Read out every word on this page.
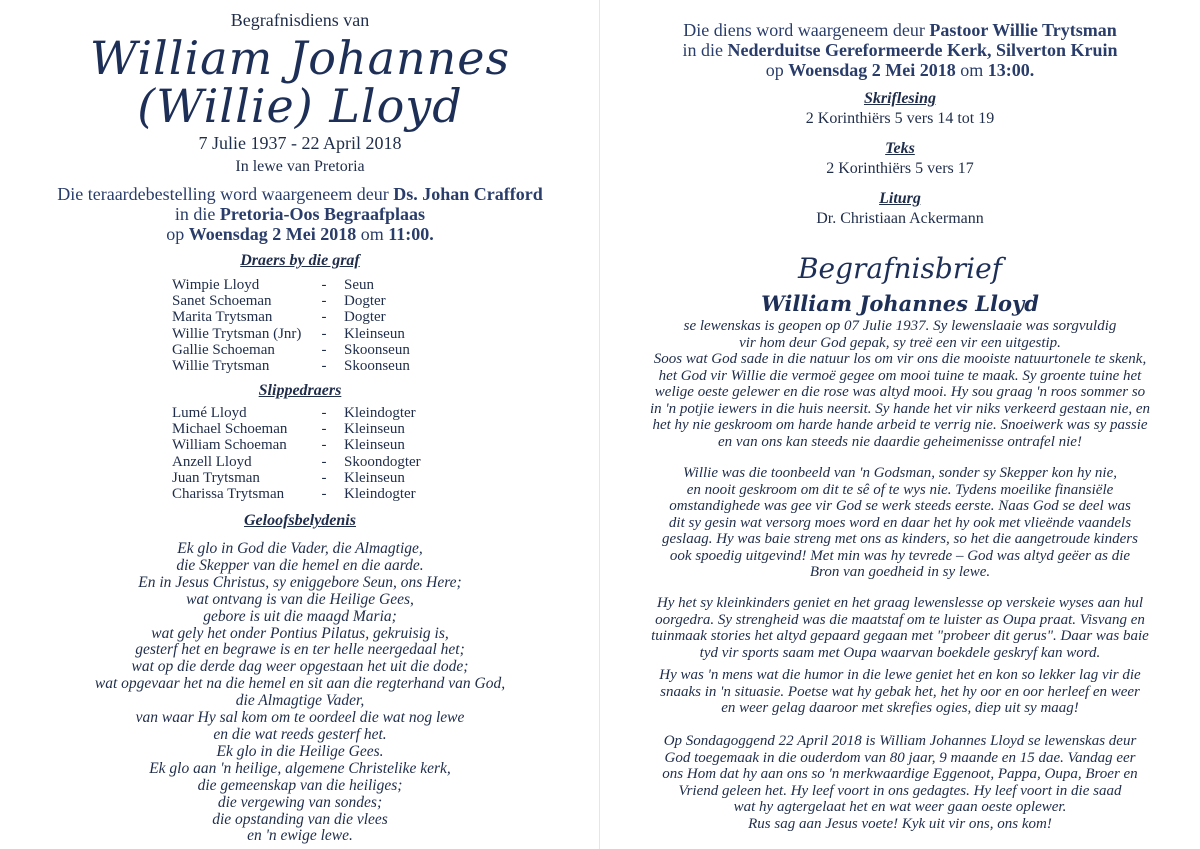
Begrafnisdiens van
William Johannes
(Willie) Lloyd
7 Julie 1937 - 22 April 2018
In lewe van Pretoria
Die teraardebestelling word waargeneem deur Ds. Johan Crafford
in die Pretoria-Oos Begraafplaas
op Woensdag 2 Mei 2018 om 11:00.
Draers by die graf
Wimpie Lloyd	- Seun
Sanet Schoeman	- Dogter
Marita Trytsman	- Dogter
Willie Trytsman (Jnr)	- Kleinseun
Gallie Schoeman	- Skoonseun
Willie Trytsman	- Skoonseun
Slippedraers
Lumé Lloyd	- Kleindogter
Michael Schoeman	- Kleinseun
William Schoeman	- Kleinseun
Anzell Lloyd	- Skoondogter
Juan Trytsman	- Kleinseun
Charissa Trytsman	- Kleindogter
Geloofsbelydenis
Ek glo in God die Vader, die Almagtige,
die Skepper van die hemel en die aarde.
En in Jesus Christus, sy eniggebore Seun, ons Here;
wat ontvang is van die Heilige Gees,
gebore is uit die maagd Maria;
wat gely het onder Pontius Pilatus, gekruisig is,
gesterf het en begrawe is en ter helle neergedaal het;
wat op die derde dag weer opgestaan het uit die dode;
wat opgevaar het na die hemel en sit aan die regterhand van God,
die Almagtige Vader,
van waar Hy sal kom om te oordeel die wat nog lewe
en die wat reeds gesterf het.
Ek glo in die Heilige Gees.
Ek glo aan 'n heilige, algemene Christelike kerk,
die gemeenskap van die heiliges;
die vergewing van sondes;
die opstanding van die vlees
en 'n ewige lewe.
Die diens word waargeneem deur Pastoor Willie Trytsman
in die Nederduitse Gereformeerde Kerk, Silverton Kruin
op Woensdag 2 Mei 2018 om 13:00.
Skriflesing
2 Korinthiërs 5 vers 14 tot 19
Teks
2 Korinthiërs 5 vers 17
Liturg
Dr. Christiaan Ackermann
Begrafnisbrief
William Johannes Lloyd
se lewenskas is geopen op 07 Julie 1937. Sy lewenslaaie was sorgvuldig
vir hom deur God gepak, sy treë een vir een uitgestip.
Soos wat God sade in die natuur los om vir ons die mooiste natuurtonele te skenk,
het God vir Willie die vermoë gegee om mooi tuine te maak. Sy groente tuine het
welige oeste gelewer en die rose was altyd mooi. Hy sou graag 'n roos sommer so
in 'n potjie iewers in die huis neersit. Sy hande het vir niks verkeerd gestaan nie, en
het hy nie geskroom om harde hande arbeid te verrig nie. Snoeiwerk was sy passie
en van ons kan steeds nie daardie geheimenisse ontrafel nie!
Willie was die toonbeeld van 'n Godsman, sonder sy Skepper kon hy nie,
en nooit geskroom om dit te sê of te wys nie. Tydens moeilike finansiële
omstandighede was gee vir God se werk steeds eerste. Naas God se deel was
dit sy gesin wat versorg moes word en daar het hy ook met vlieënde vaandels
geslaag. Hy was baie streng met ons as kinders, so het die aangetroude kinders
ook spoedig uitgevind! Met min was hy tevrede – God was altyd geëer as die
Bron van goedheid in sy lewe.
Hy het sy kleinkinders geniet en het graag lewenslesse op verskeie wyses aan hul
oorgedra. Sy strengheid was die maatstaf om te luister as Oupa praat. Visvang en
tuinmaak stories het altyd gepaard gegaan met "probeer dit gerus". Daar was baie
tyd vir sports saam met Oupa waarvan boekdele geskryf kan word.
Hy was 'n mens wat die humor in die lewe geniet het en kon so lekker lag vir die
snaaks in 'n situasie. Poetse wat hy gebak het, het hy oor en oor herleef en weer
en weer gelag daaroor met skrefies ogies, diep uit sy maag!
Op Sondagoggend 22 April 2018 is William Johannes Lloyd se lewenskas deur
God toegemaak in die ouderdom van 80 jaar, 9 maande en 15 dae. Vandag eer
ons Hom dat hy aan ons so 'n merkwaardige Eggenoot, Pappa, Oupa, Broer en
Vriend geleen het. Hy leef voort in ons gedagtes. Hy leef voort in die saad
wat hy agtergelaat het en wat weer gaan oeste oplewer.
Rus sag aan Jesus voete! Kyk uit vir ons, ons kom!
